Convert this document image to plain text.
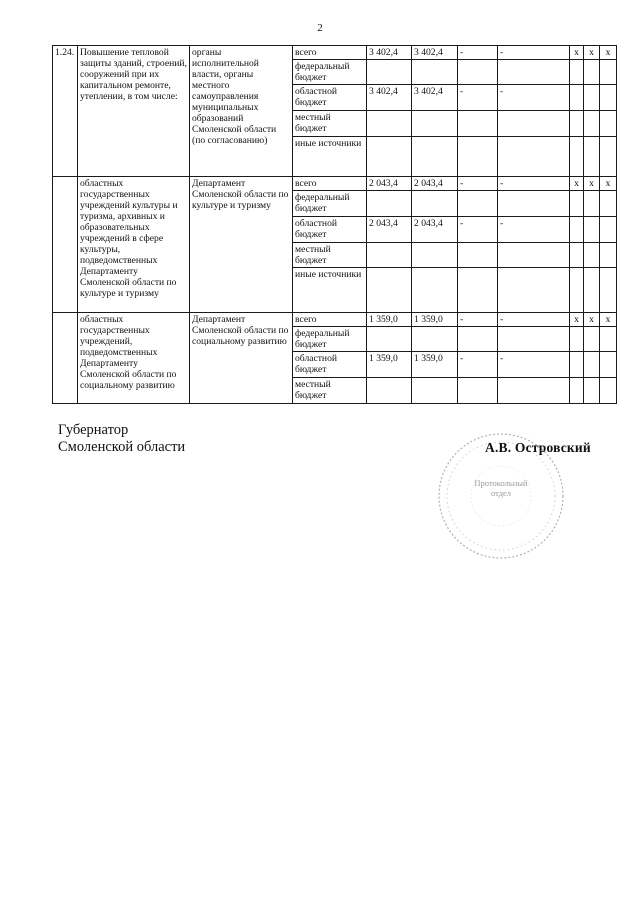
2
1.24.	Повышение тепловой защиты зданий, строений, сооружений при их капитальном ремонте, утеплении, в том числе:	органы исполнительной власти, органы местного самоуправления муниципальных образований Смоленской области (по согласованию)	всего	3 402,4	3 402,4	-	-	х	х	х
			федеральный бюджет							
			областной бюджет	3 402,4	3 402,4	-	-			
			местный бюджет							
			иные источники							
	областных государственных учреждений культуры и туризма, архивных и образовательных учреждений в сфере культуры, подведомственных Департаменту Смоленской области по культуре и туризму	Департамент Смоленской области по культуре и туризму	всего	2 043,4	2 043,4	-	-	х	х	х
			федеральный бюджет							
			областной бюджет	2 043,4	2 043,4	-	-			
			местный бюджет							
			иные источники							
	областных государственных учреждений, подведомственных Департаменту Смоленской области по социальному развитию	Департамент Смоленской области по социальному развитию	всего	1 359,0	1 359,0	-	-	х	х	х
			федеральный бюджет							
			областной бюджет	1 359,0	1 359,0	-	-			
			местный бюджет							
Губернатор
Смоленской области
Протокольный
отдел
А.В. Островский
